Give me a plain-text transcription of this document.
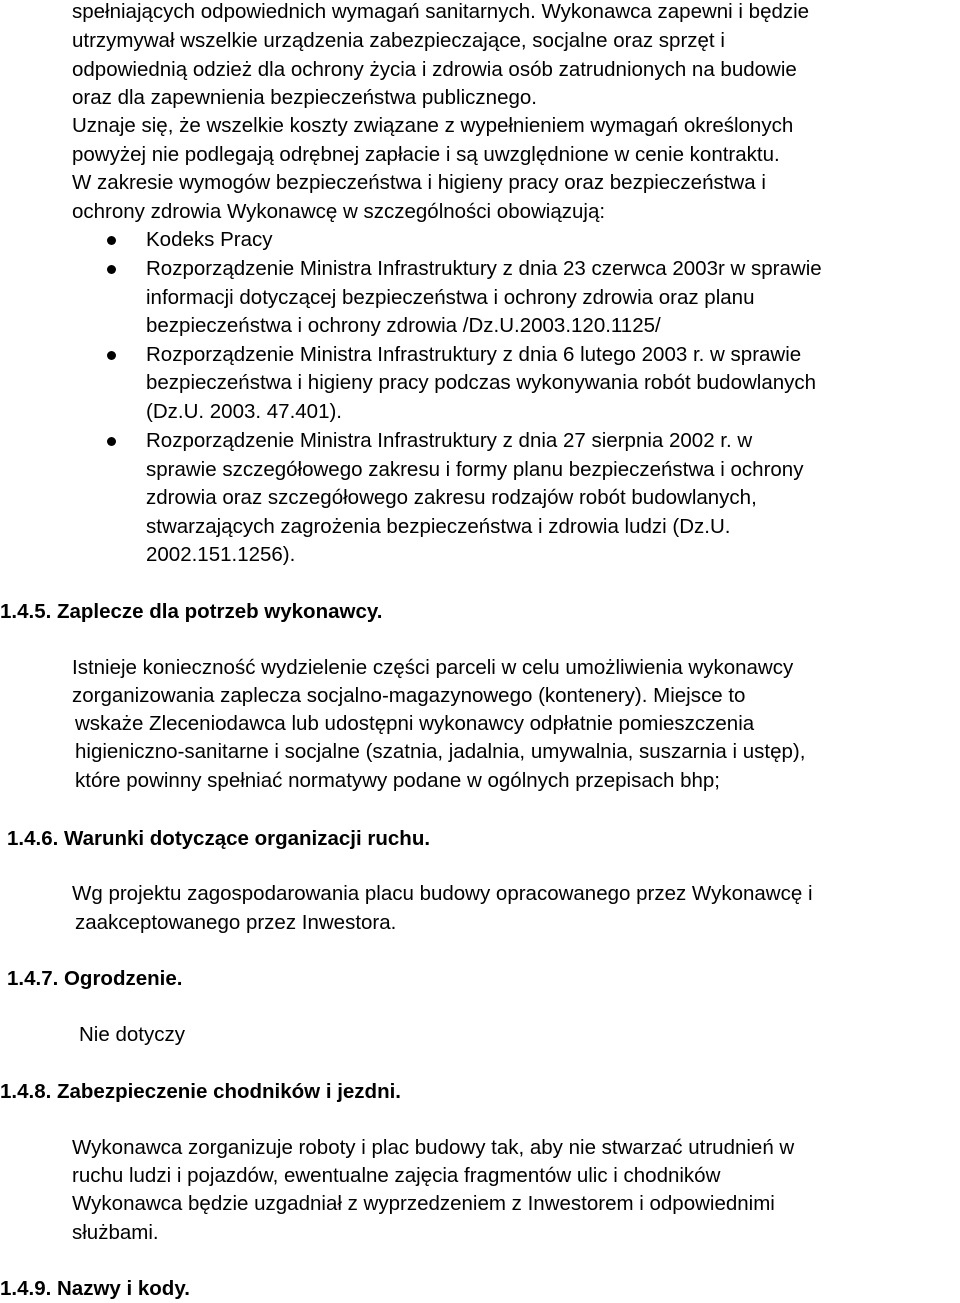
spełniających odpowiednich wymagań sanitarnych. Wykonawca zapewni i będzie
utrzymywał wszelkie urządzenia zabezpieczające, socjalne oraz sprzęt i
odpowiednią odzież dla ochrony życia i zdrowia osób zatrudnionych na budowie
oraz dla zapewnienia bezpieczeństwa publicznego.
Uznaje się, że wszelkie koszty związane z wypełnieniem wymagań określonych
powyżej nie podlegają odrębnej zapłacie i są uwzględnione w cenie kontraktu.
W zakresie wymogów bezpieczeństwa i higieny pracy oraz bezpieczeństwa i
ochrony zdrowia Wykonawcę w szczególności obowiązują:
Kodeks Pracy
Rozporządzenie Ministra Infrastruktury z dnia 23 czerwca 2003r w sprawie
informacji dotyczącej bezpieczeństwa i ochrony zdrowia oraz planu
bezpieczeństwa i ochrony zdrowia /Dz.U.2003.120.1125/
Rozporządzenie Ministra Infrastruktury z dnia 6 lutego 2003 r. w sprawie
bezpieczeństwa i higieny pracy podczas wykonywania robót budowlanych
(Dz.U. 2003. 47.401).
Rozporządzenie Ministra Infrastruktury z dnia 27 sierpnia 2002 r. w
sprawie szczegółowego zakresu i formy planu bezpieczeństwa i ochrony
zdrowia oraz szczegółowego zakresu rodzajów robót budowlanych,
stwarzających zagrożenia bezpieczeństwa i zdrowia ludzi (Dz.U.
2002.151.1256).
1.4.5. Zaplecze dla potrzeb wykonawcy.
Istnieje konieczność wydzielenie części parceli w celu umożliwienia wykonawcy
zorganizowania zaplecza socjalno-magazynowego (kontenery). Miejsce to
wskaże Zleceniodawca lub udostępni wykonawcy odpłatnie pomieszczenia
higieniczno-sanitarne i socjalne (szatnia, jadalnia, umywalnia, suszarnia i ustęp),
które powinny spełniać normatywy podane w ogólnych przepisach bhp;
1.4.6. Warunki dotyczące organizacji ruchu.
Wg projektu zagospodarowania placu budowy opracowanego przez Wykonawcę i
zaakceptowanego przez Inwestora.
1.4.7. Ogrodzenie.
Nie dotyczy
1.4.8. Zabezpieczenie chodników i jezdni.
Wykonawca zorganizuje roboty i plac budowy tak, aby nie stwarzać utrudnień w
ruchu ludzi i pojazdów, ewentualne zajęcia fragmentów ulic i chodników
Wykonawca będzie uzgadniał z wyprzedzeniem z Inwestorem i odpowiednimi
służbami.
1.4.9. Nazwy i kody.
